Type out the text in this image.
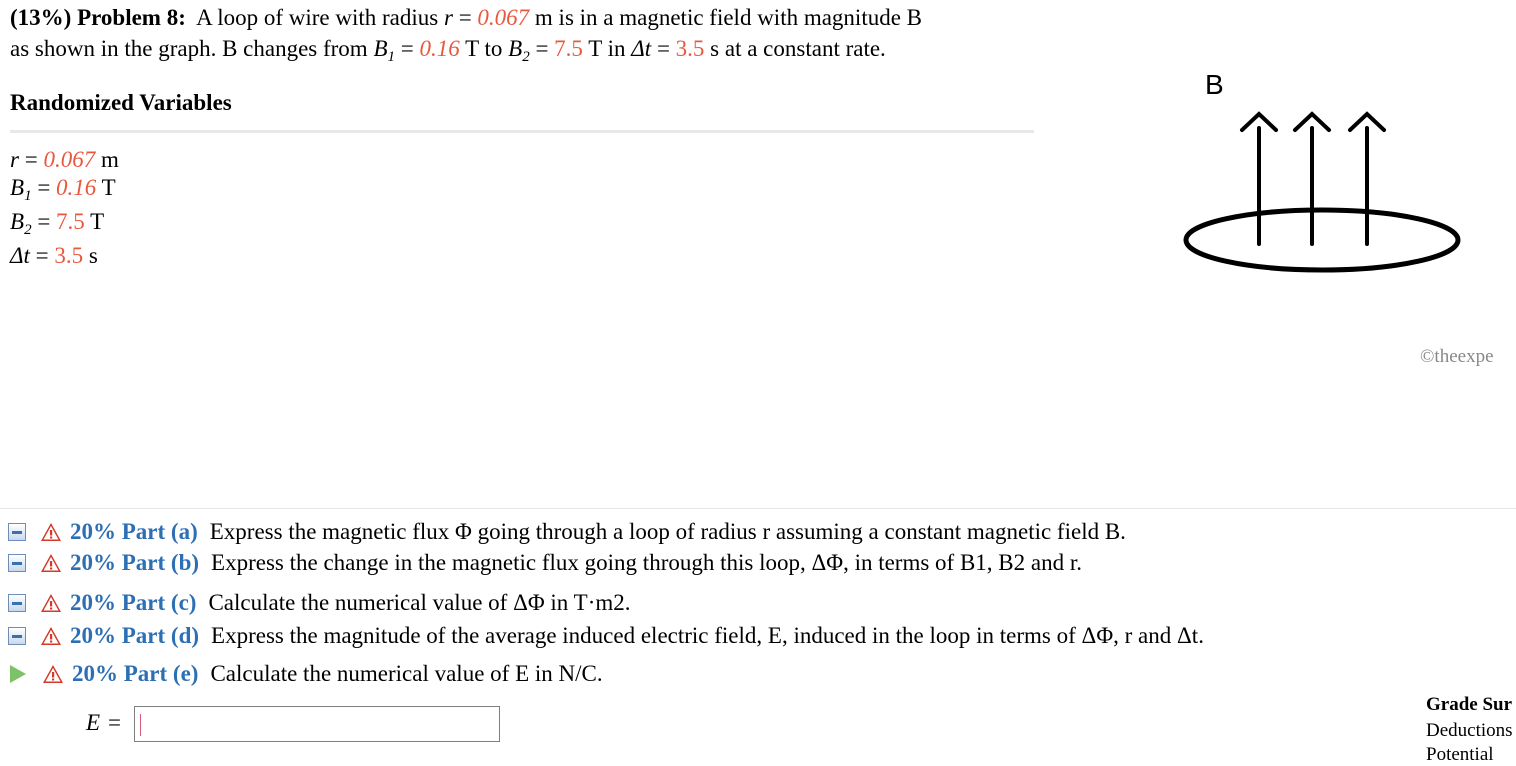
(13%) Problem 8: A loop of wire with radius r = 0.067 m is in a magnetic field with magnitude B
as shown in the graph. B changes from $B_1 = 0.16$ T to $B_2 = 7.5$ T in Δt = 3.5 s at a constant rate.
Randomized Variables
r = 0.067 m
$B_1 = 0.16$ T
$B_2 = 7.5$ T
Δt = 3.5 s
B
©theexpe
20% Part (a) Express the magnetic flux Φ going through a loop of radius r assuming a constant magnetic field B.
20% Part (b) Express the change in the magnetic flux going through this loop, ΔΦ, in terms of B1, B2 and r.
20% Part (c) Calculate the numerical value of ΔΦ in T·m2.
20% Part (d) Express the magnitude of the average induced electric field, E, induced in the loop in terms of ΔΦ, r and Δt.
20% Part (e) Calculate the numerical value of E in N/C.
E =
Grade Sur
Deductions
Potential
